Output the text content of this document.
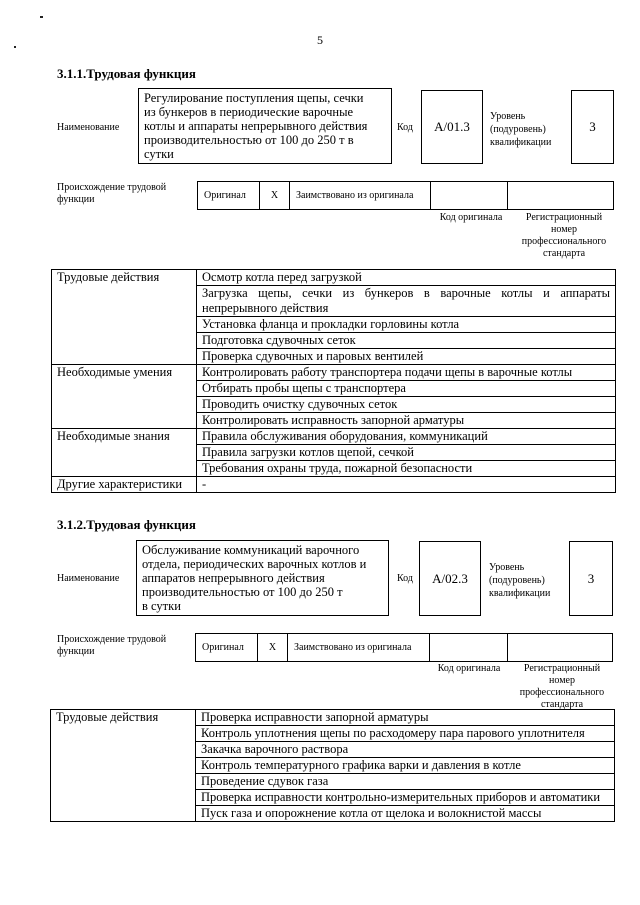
5
3.1.1.Трудовая функция
Наименование
Регулирование поступления щепы, сечки
из бункеров в периодические варочные
котлы и аппараты непрерывного действия
производительностью от 100 до 250 т в
сутки
Код	A/01.3
Уровень
(подуровень)
квалификации
3
Происхождение трудовой
функции	Оригинал	X	Заимствовано из оригинала
Код оригинала	Регистрационный
номер
профессионального
стандарта
Трудовые действия	Осмотр котла перед загрузкой
	Загрузка щепы, сечки из бункеров в варочные котлы и аппараты непрерывного действия
	Установка фланца и прокладки горловины котла
	Подготовка сдувочных сеток
	Проверка сдувочных и паровых вентилей
Необходимые умения	Контролировать работу транспортера подачи щепы в варочные котлы
	Отбирать пробы щепы с транспортера
	Проводить очистку сдувочных сеток
	Контролировать исправность запорной арматуры
Необходимые знания	Правила обслуживания оборудования, коммуникаций
	Правила загрузки котлов щепой, сечкой
	Требования охраны труда, пожарной безопасности
Другие характеристики	-
3.1.2.Трудовая функция
Наименование
Обслуживание коммуникаций варочного
отдела, периодических варочных котлов и
аппаратов непрерывного действия
производительностью от 100 до 250 т
в сутки
Код	A/02.3
Уровень
(подуровень)
квалификации
3
Происхождение трудовой
функции	Оригинал	X	Заимствовано из оригинала
Код оригинала	Регистрационный
номер
профессионального
стандарта
Трудовые действия	Проверка исправности запорной арматуры
Контроль уплотнения щепы по расходомеру пара парового уплотнителя
Закачка варочного раствора
Контроль температурного графика варки и давления в котле
Проведение сдувок газа
Проверка исправности контрольно-измерительных приборов и автоматики
Пуск газа и опорожнение котла от щелока и волокнистой массы
